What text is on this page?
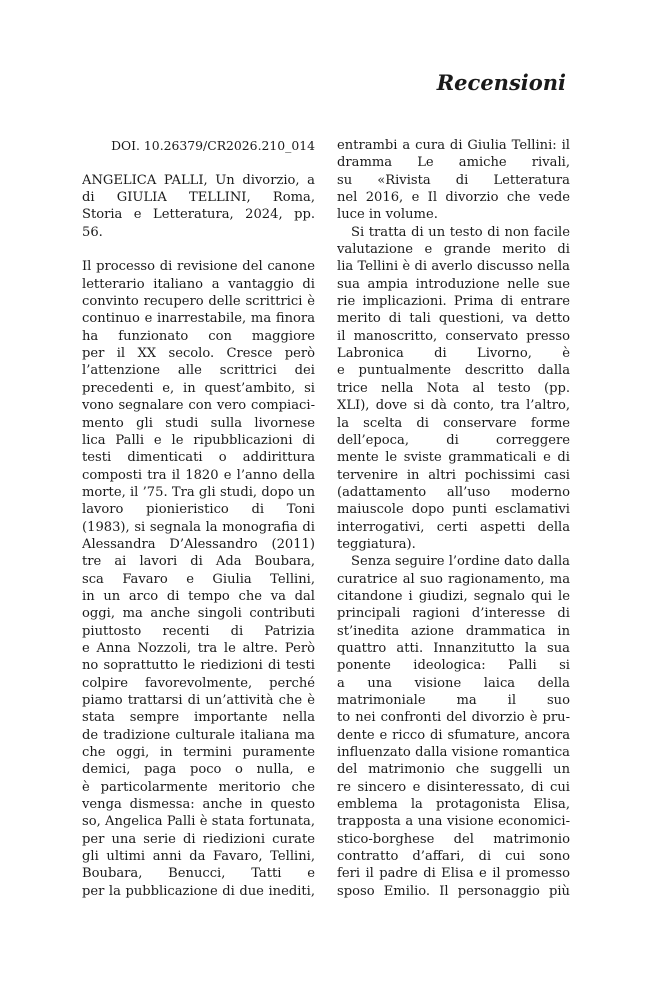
Recensioni
DOI. 10.26379/CR2026.210_014
ANGELICA PALLI, Un divorzio, a
di GIULIA TELLINI, Roma,
Storia e Letteratura, 2024, pp.
56.
Il processo di revisione del canone
letterario italiano a vantaggio di
convinto recupero delle scrittrici è
continuo e inarrestabile, ma finora
ha funzionato con maggiore
per il XX secolo. Cresce però
l’attenzione alle scrittrici dei
precedenti e, in quest’ambito, si
vono segnalare con vero compiaci-
mento gli studi sulla livornese
lica Palli e le ripubblicazioni di
testi dimenticati o addirittura
composti tra il 1820 e l’anno della
morte, il ’75. Tra gli studi, dopo un
lavoro pionieristico di Toni
(1983), si segnala la monografia di
Alessandra D’Alessandro (2011)
tre ai lavori di Ada Boubara,
sca Favaro e Giulia Tellini,
in un arco di tempo che va dal
oggi, ma anche singoli contributi
piuttosto recenti di Patrizia
e Anna Nozzoli, tra le altre. Però
no soprattutto le riedizioni di testi
colpire favorevolmente, perché
piamo trattarsi di un’attività che è
stata sempre importante nella
de tradizione culturale italiana ma
che oggi, in termini puramente
demici, paga poco o nulla, e
è particolarmente meritorio che
venga dismessa: anche in questo
so, Angelica Palli è stata fortunata,
per una serie di riedizioni curate
gli ultimi anni da Favaro, Tellini,
Boubara, Benucci, Tatti e
per la pubblicazione di due inediti,
entrambi a cura di Giulia Tellini: il
dramma Le amiche rivali,
su «Rivista di Letteratura
nel 2016, e Il divorzio che vede
luce in volume.
Si tratta di un testo di non facile
valutazione e grande merito di
lia Tellini è di averlo discusso nella
sua ampia introduzione nelle sue
rie implicazioni. Prima di entrare
merito di tali questioni, va detto
il manoscritto, conservato presso
Labronica di Livorno, è
e puntualmente descritto dalla
trice nella Nota al testo (pp.
XLI), dove si dà conto, tra l’altro,
la scelta di conservare forme
dell’epoca, di correggere
mente le sviste grammaticali e di
tervenire in altri pochissimi casi
(adattamento all’uso moderno
maiuscole dopo punti esclamativi
interrogativi, certi aspetti della
teggiatura).
Senza seguire l’ordine dato dalla
curatrice al suo ragionamento, ma
citandone i giudizi, segnalo qui le
principali ragioni d’interesse di
st’inedita azione drammatica in
quattro atti. Innanzitutto la sua
ponente ideologica: Palli si
a una visione laica della
matrimoniale ma il suo
to nei confronti del divorzio è pru-
dente e ricco di sfumature, ancora
influenzato dalla visione romantica
del matrimonio che suggelli un
re sincero e disinteressato, di cui
emblema la protagonista Elisa,
trapposta a una visione economici-
stico-borghese del matrimonio
contratto d’affari, di cui sono
feri il padre di Elisa e il promesso
sposo Emilio. Il personaggio più
